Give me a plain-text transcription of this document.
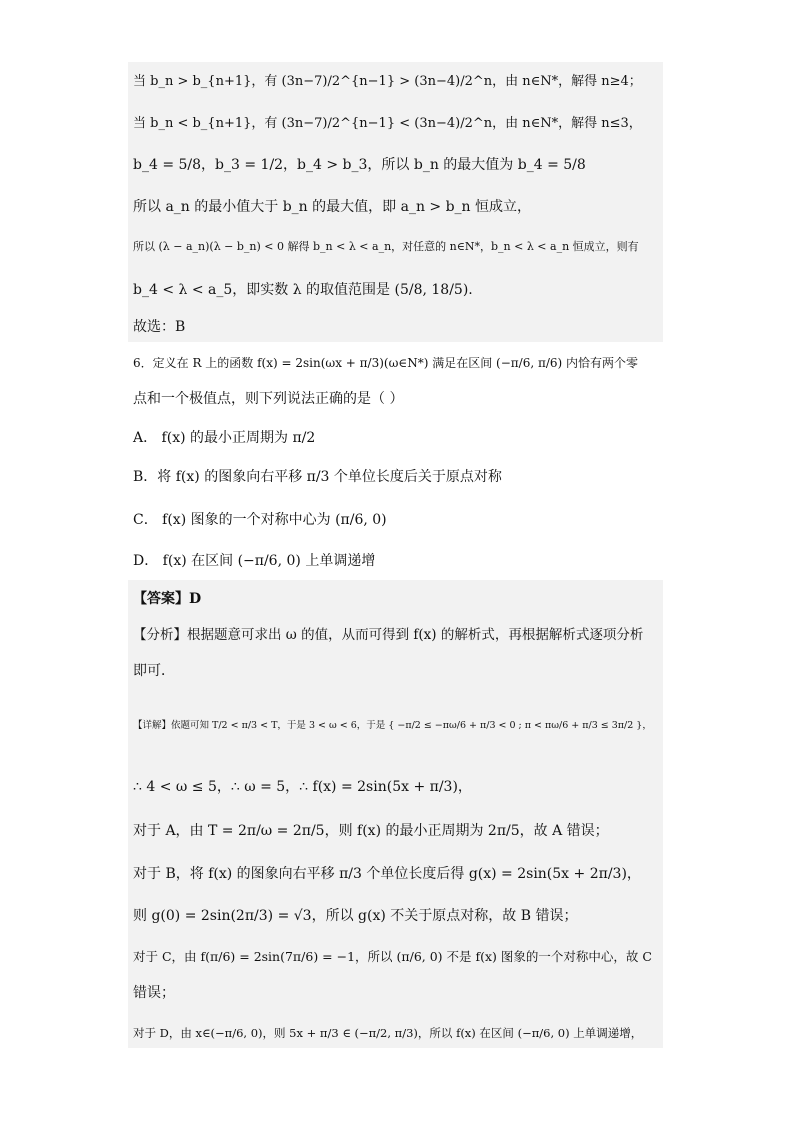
当 b_n > b_{n+1}，有 (3n−7)/2^{n−1} > (3n−4)/2^n，由 n∈N*，解得 n≥4；
当 b_n < b_{n+1}，有 (3n−7)/2^{n−1} < (3n−4)/2^n，由 n∈N*，解得 n≤3，
b_4 = 5/8，b_3 = 1/2，b_4 > b_3，所以 b_n 的最大值为 b_4 = 5/8
所以 a_n 的最小值大于 b_n 的最大值，即 a_n > b_n 恒成立，
所以 (λ − a_n)(λ − b_n) < 0 解得 b_n < λ < a_n，对任意的 n∈N*，b_n < λ < a_n 恒成立，则有
b_4 < λ < a_5，即实数 λ 的取值范围是 (5/8, 18/5).
故选：B
6．定义在 R 上的函数 f(x) = 2sin(ωx + π/3)(ω∈N*) 满足在区间 (−π/6, π/6) 内恰有两个零
点和一个极值点，则下列说法正确的是（ ）
A． f(x) 的最小正周期为 π/2
B．将 f(x) 的图象向右平移 π/3 个单位长度后关于原点对称
C． f(x) 图象的一个对称中心为 (π/6, 0)
D． f(x) 在区间 (−π/6, 0) 上单调递增
【答案】D
【分析】根据题意可求出 ω 的值，从而可得到 f(x) 的解析式，再根据解析式逐项分析
即可．
【详解】依题可知 T/2 < π/3 < T，于是 3 < ω < 6，于是 { −π/2 ≤ −πω/6 + π/3 < 0 ; π < πω/6 + π/3 ≤ 3π/2 }，
∴ 4 < ω ≤ 5，∴ ω = 5，∴ f(x) = 2sin(5x + π/3)，
对于 A，由 T = 2π/ω = 2π/5，则 f(x) 的最小正周期为 2π/5，故 A 错误；
对于 B，将 f(x) 的图象向右平移 π/3 个单位长度后得 g(x) = 2sin(5x + 2π/3)，
则 g(0) = 2sin(2π/3) = √3，所以 g(x) 不关于原点对称，故 B 错误；
对于 C，由 f(π/6) = 2sin(7π/6) = −1，所以 (π/6, 0) 不是 f(x) 图象的一个对称中心，故 C
错误；
对于 D，由 x∈(−π/6, 0)，则 5x + π/3 ∈ (−π/2, π/3)，所以 f(x) 在区间 (−π/6, 0) 上单调递增，
